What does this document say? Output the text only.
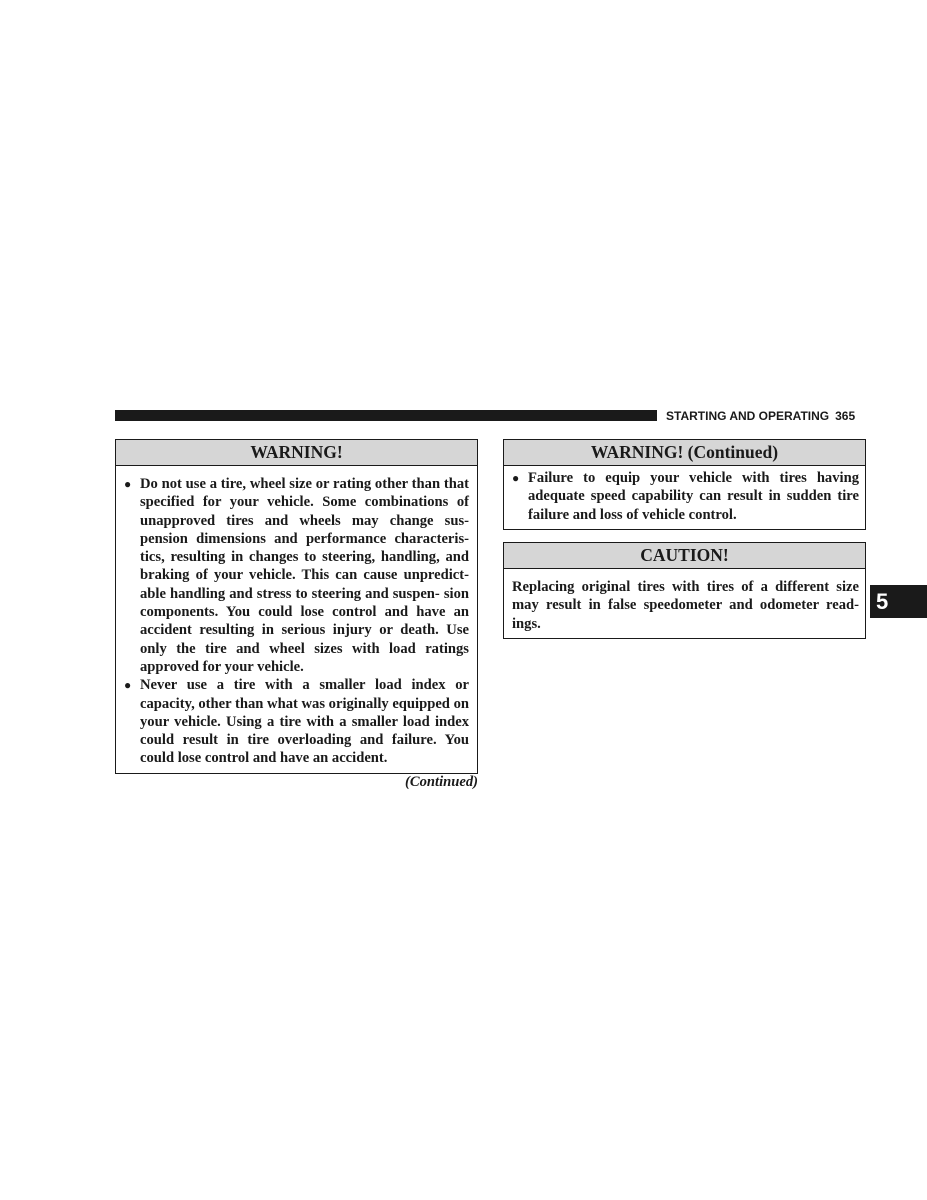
STARTING AND OPERATING 365
WARNING!
● Do not use a tire, wheel size or rating other than that specified for your vehicle. Some combinations of unapproved tires and wheels may change sus- pension dimensions and performance characteris- tics, resulting in changes to steering, handling, and braking of your vehicle. This can cause unpredict- able handling and stress to steering and suspen- sion components. You could lose control and have an accident resulting in serious injury or death. Use only the tire and wheel sizes with load ratings approved for your vehicle.
● Never use a tire with a smaller load index or capacity, other than what was originally equipped on your vehicle. Using a tire with a smaller load index could result in tire overloading and failure. You could lose control and have an accident.
(Continued)
WARNING! (Continued)
● Failure to equip your vehicle with tires having adequate speed capability can result in sudden tire failure and loss of vehicle control.
CAUTION!
Replacing original tires with tires of a different size may result in false speedometer and odometer read- ings.
5
